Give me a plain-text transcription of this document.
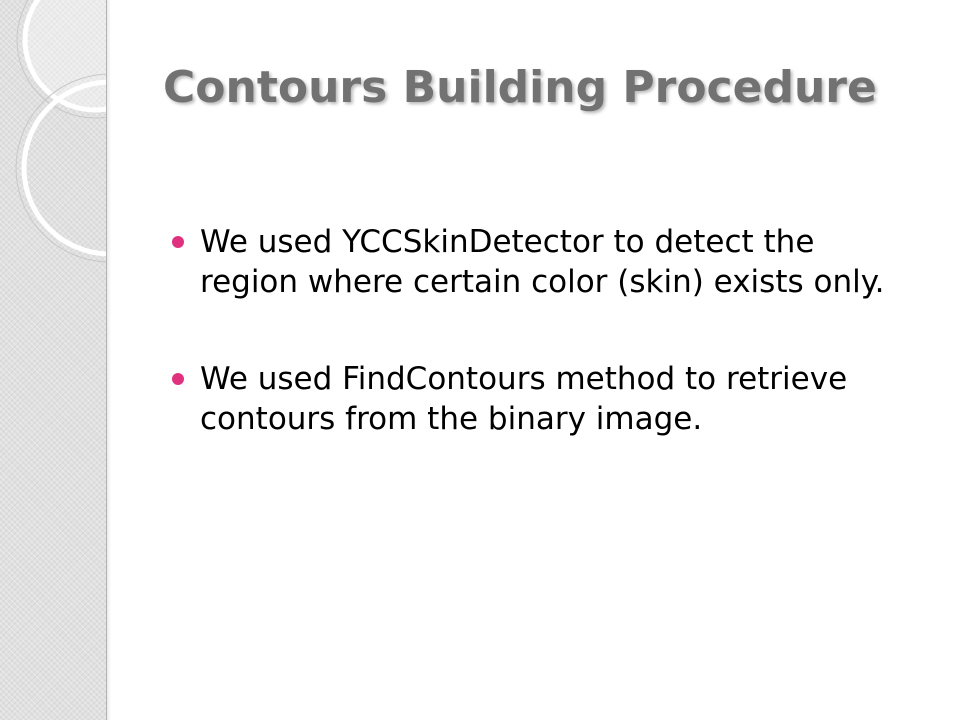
Contours Building Procedure
We used YCCSkinDetector to detect the region where certain color (skin) exists only.
We used FindContours method to retrieve contours from the binary image.
